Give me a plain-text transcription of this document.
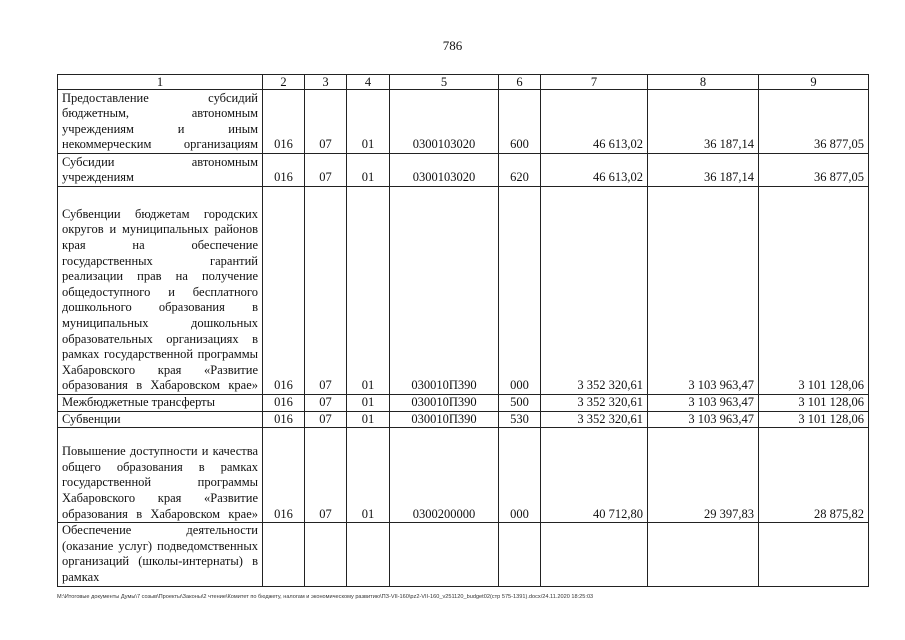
786
1	2	3	4	5	6	7	8	9
Предоставление субсидий бюджетным, автономным учреждениям и иным некоммерческим организациям	016	07	01	0300103020	600	46 613,02	36 187,14	36 877,05
Субсидии автономным учреждениям	016	07	01	0300103020	620	46 613,02	36 187,14	36 877,05
Субвенции бюджетам городских округов и муниципальных районов края на обеспечение государственных гарантий реализации прав на получение общедоступного и бесплатного дошкольного образования в муниципальных дошкольных образовательных организациях в рамках государственной программы Хабаровского края «Развитие образования в Хабаровском крае»	016	07	01	030010П390	000	3 352 320,61	3 103 963,47	3 101 128,06
Межбюджетные трансферты	016	07	01	030010П390	500	3 352 320,61	3 103 963,47	3 101 128,06
Субвенции	016	07	01	030010П390	530	3 352 320,61	3 103 963,47	3 101 128,06
Повышение доступности и качества общего образования в рамках государственной программы Хабаровского края «Развитие образования в Хабаровском крае»	016	07	01	0300200000	000	40 712,80	29 397,83	28 875,82
Обеспечение деятельности (оказание услуг) подведомственных организаций (школы-интернаты) в рамках								
M:\Итоговые документы Думы\7 созыв\Проекты\Законы\2 чтение\Комитет по бюджету, налогам и экономическому развитию\ПЗ-VII-160\pz2-VII-160_v251120_budget02(стр 575-1391).docx/24.11.2020 18:25:03
